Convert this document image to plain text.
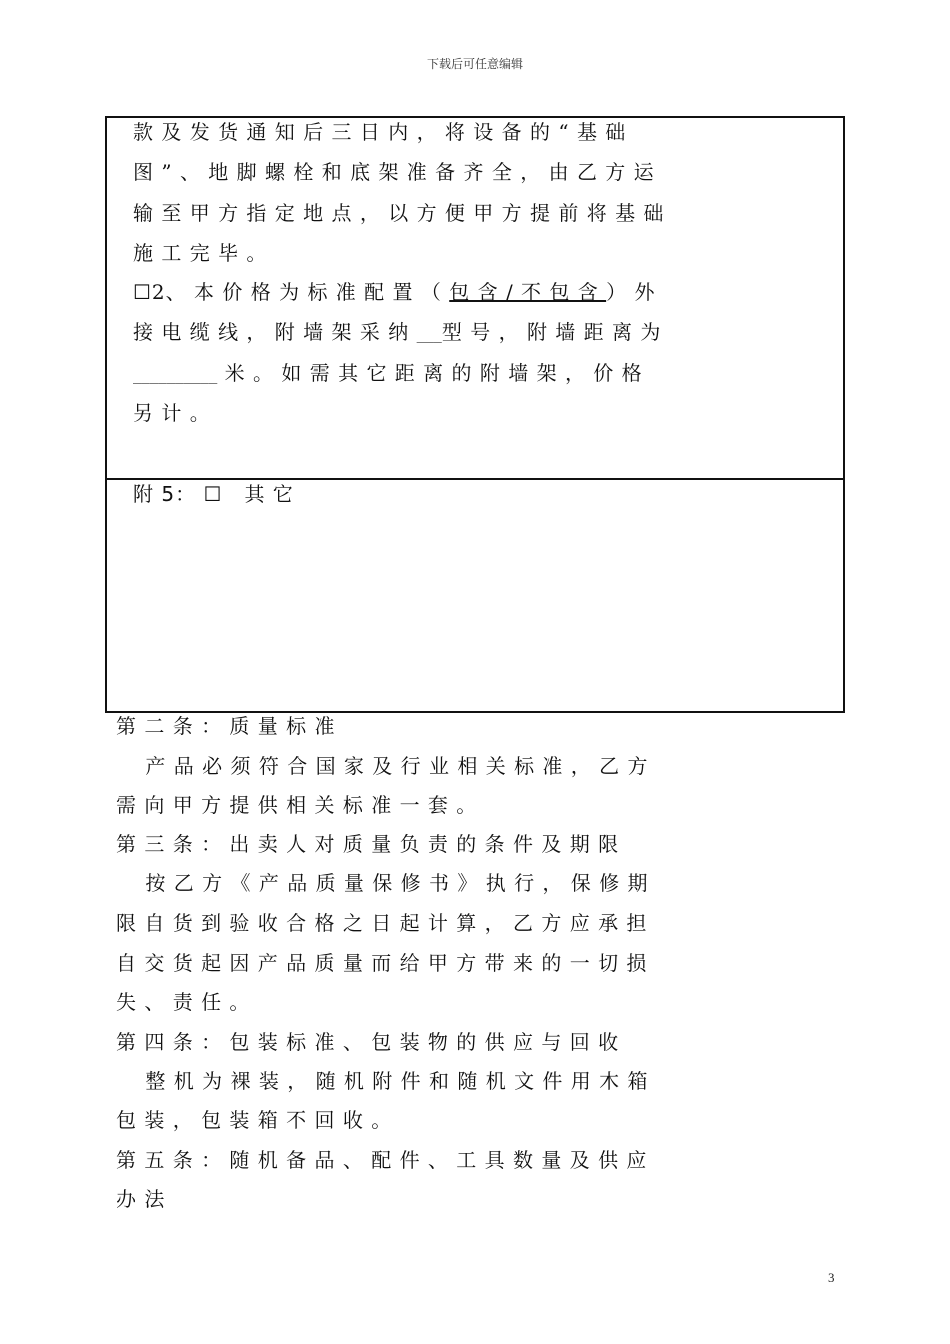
下载后可任意编辑
款 及 发 货 通 知 后 三 日 内 ， 将 设 备 的 “ 基 础
图 ” 、 地 脚 螺 栓 和 底 架 准 备 齐 全 ， 由 乙 方 运
输 至 甲 方 指 定 地 点 ， 以 方 便 甲 方 提 前 将 基 础
施 工 完 毕 。
☐2、 本 价 格 为 标 准 配 置 （ 包 含 / 不 包 含 ） 外
接 电 缆 线 ， 附 墙 架 采 纳 ___型 号 ， 附 墙 距 离 为
__________ 米 。 如 需 其 它 距 离 的 附 墙 架 ， 价 格
另 计 。
附 5： ☐   其 它
第 二 条 ： 质 量 标 准
产 品 必 须 符 合 国 家 及 行 业 相 关 标 准 ， 乙 方
需 向 甲 方 提 供 相 关 标 准 一 套 。
第 三 条 ： 出 卖 人 对 质 量 负 责 的 条 件 及 期 限
按 乙 方 《 产 品 质 量 保 修 书 》 执 行 ， 保 修 期
限 自 货 到 验 收 合 格 之 日 起 计 算 ， 乙 方 应 承 担
自 交 货 起 因 产 品 质 量 而 给 甲 方 带 来 的 一 切 损
失 、 责 任 。
第 四 条 ： 包 装 标 准 、 包 装 物 的 供 应 与 回 收
整 机 为 裸 装 ， 随 机 附 件 和 随 机 文 件 用 木 箱
包 装 ， 包 装 箱 不 回 收 。
第 五 条 ： 随 机 备 品 、 配 件 、 工 具 数 量 及 供 应
办 法
3
